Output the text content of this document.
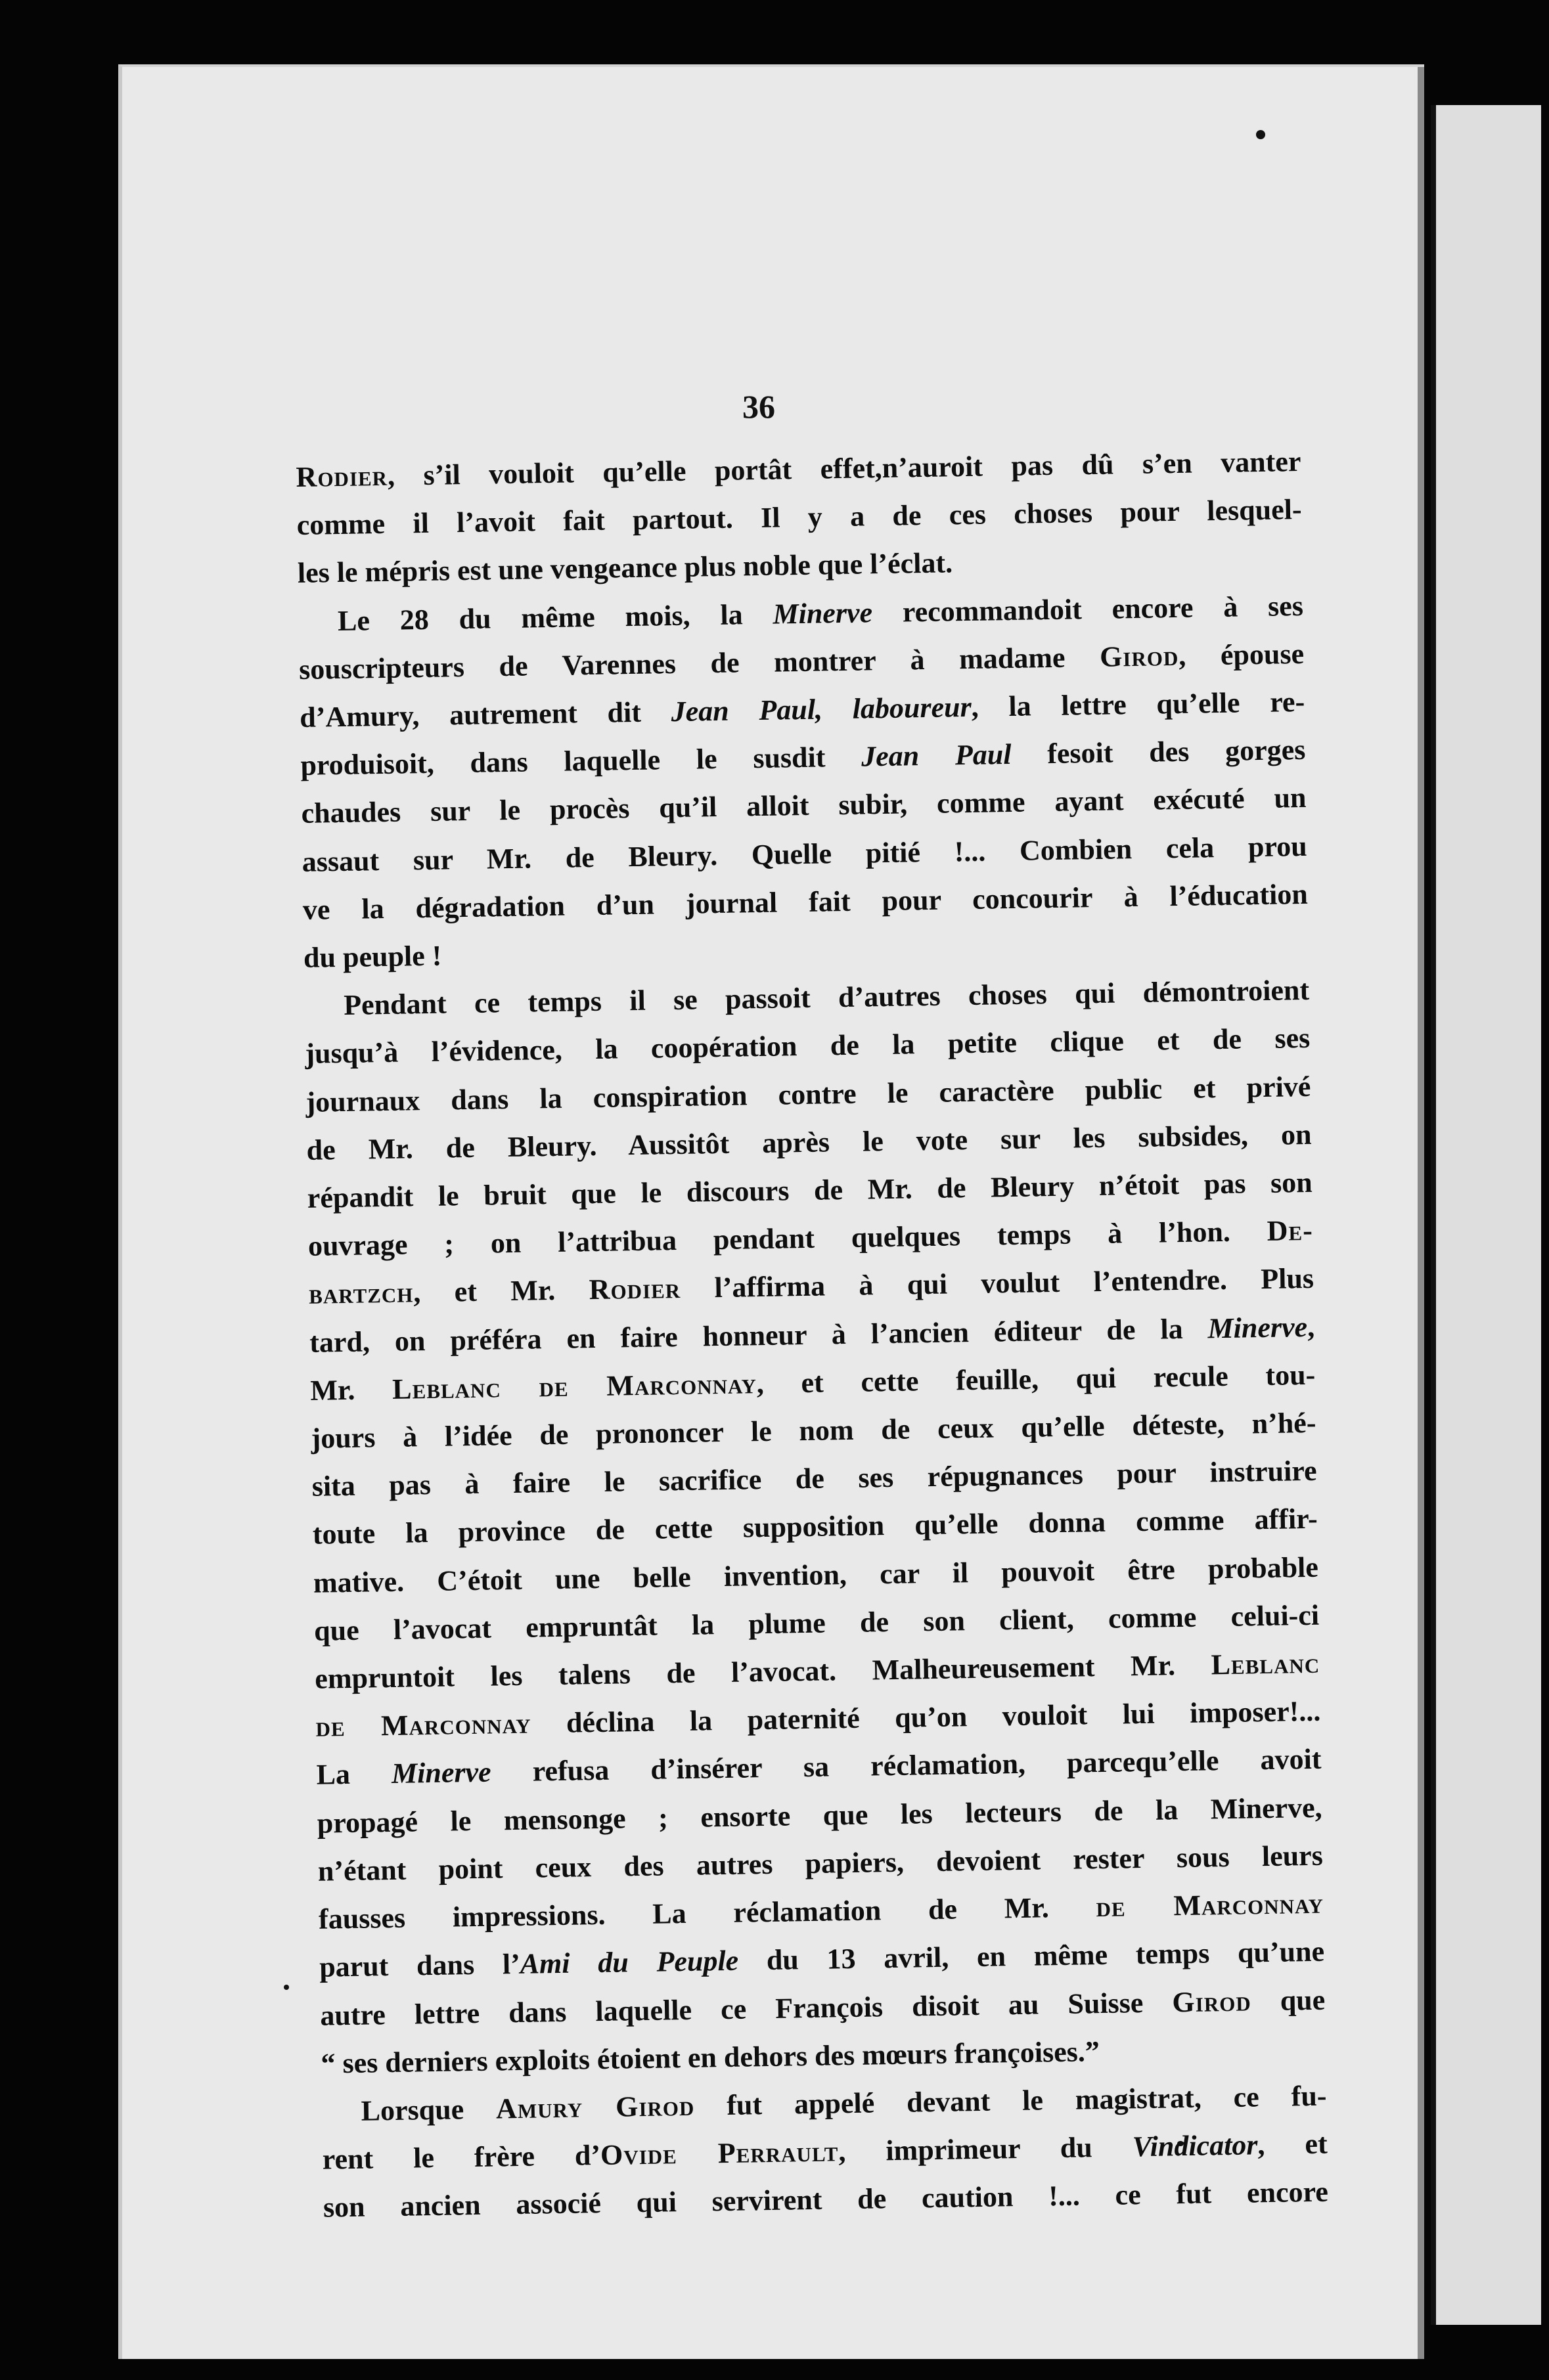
36
Rodier, s’il vouloit qu’elle portât effet,n’auroit pas dû s’en vanter
comme il l’avoit fait partout. Il y a de ces choses pour lesquel-
les le mépris est une vengeance plus noble que l’éclat.
Le 28 du même mois, la Minerve recommandoit encore à ses
souscripteurs de Varennes de montrer à madame Girod, épouse
d’Amury, autrement dit Jean Paul, laboureur, la lettre qu’elle re-
produisoit, dans laquelle le susdit Jean Paul fesoit des gorges
chaudes sur le procès qu’il alloit subir, comme ayant exécuté un
assaut sur Mr. de Bleury. Quelle pitié !... Combien cela prou
ve la dégradation d’un journal fait pour concourir à l’éducation
du peuple !
Pendant ce temps il se passoit d’autres choses qui démontroient
jusqu’à l’évidence, la coopération de la petite clique et de ses
journaux dans la conspiration contre le caractère public et privé
de Mr. de Bleury. Aussitôt après le vote sur les subsides, on
répandit le bruit que le discours de Mr. de Bleury n’étoit pas son
ouvrage ; on l’attribua pendant quelques temps à l’hon. De-
bartzch, et Mr. Rodier l’affirma à qui voulut l’entendre. Plus
tard, on préféra en faire honneur à l’ancien éditeur de la Minerve,
Mr. Leblanc de Marconnay, et cette feuille, qui recule tou-
jours à l’idée de prononcer le nom de ceux qu’elle déteste, n’hé-
sita pas à faire le sacrifice de ses répugnances pour instruire
toute la province de cette supposition qu’elle donna comme affir-
mative. C’étoit une belle invention, car il pouvoit être probable
que l’avocat empruntât la plume de son client, comme celui-ci
empruntoit les talens de l’avocat. Malheureusement Mr. Leblanc
de Marconnay déclina la paternité qu’on vouloit lui imposer!...
La Minerve refusa d’insérer sa réclamation, parcequ’elle avoit
propagé le mensonge ; ensorte que les lecteurs de la Minerve,
n’étant point ceux des autres papiers, devoient rester sous leurs
fausses impressions. La réclamation de Mr. de Marconnay
parut dans l’Ami du Peuple du 13 avril, en même temps qu’une
autre lettre dans laquelle ce François disoit au Suisse Girod que
“ ses derniers exploits étoient en dehors des mœurs françoises.”
Lorsque Amury Girod fut appelé devant le magistrat, ce fu-
rent le frère d’Ovide Perrault, imprimeur du Vindicator, et
son ancien associé qui servirent de caution !... ce fut encore
